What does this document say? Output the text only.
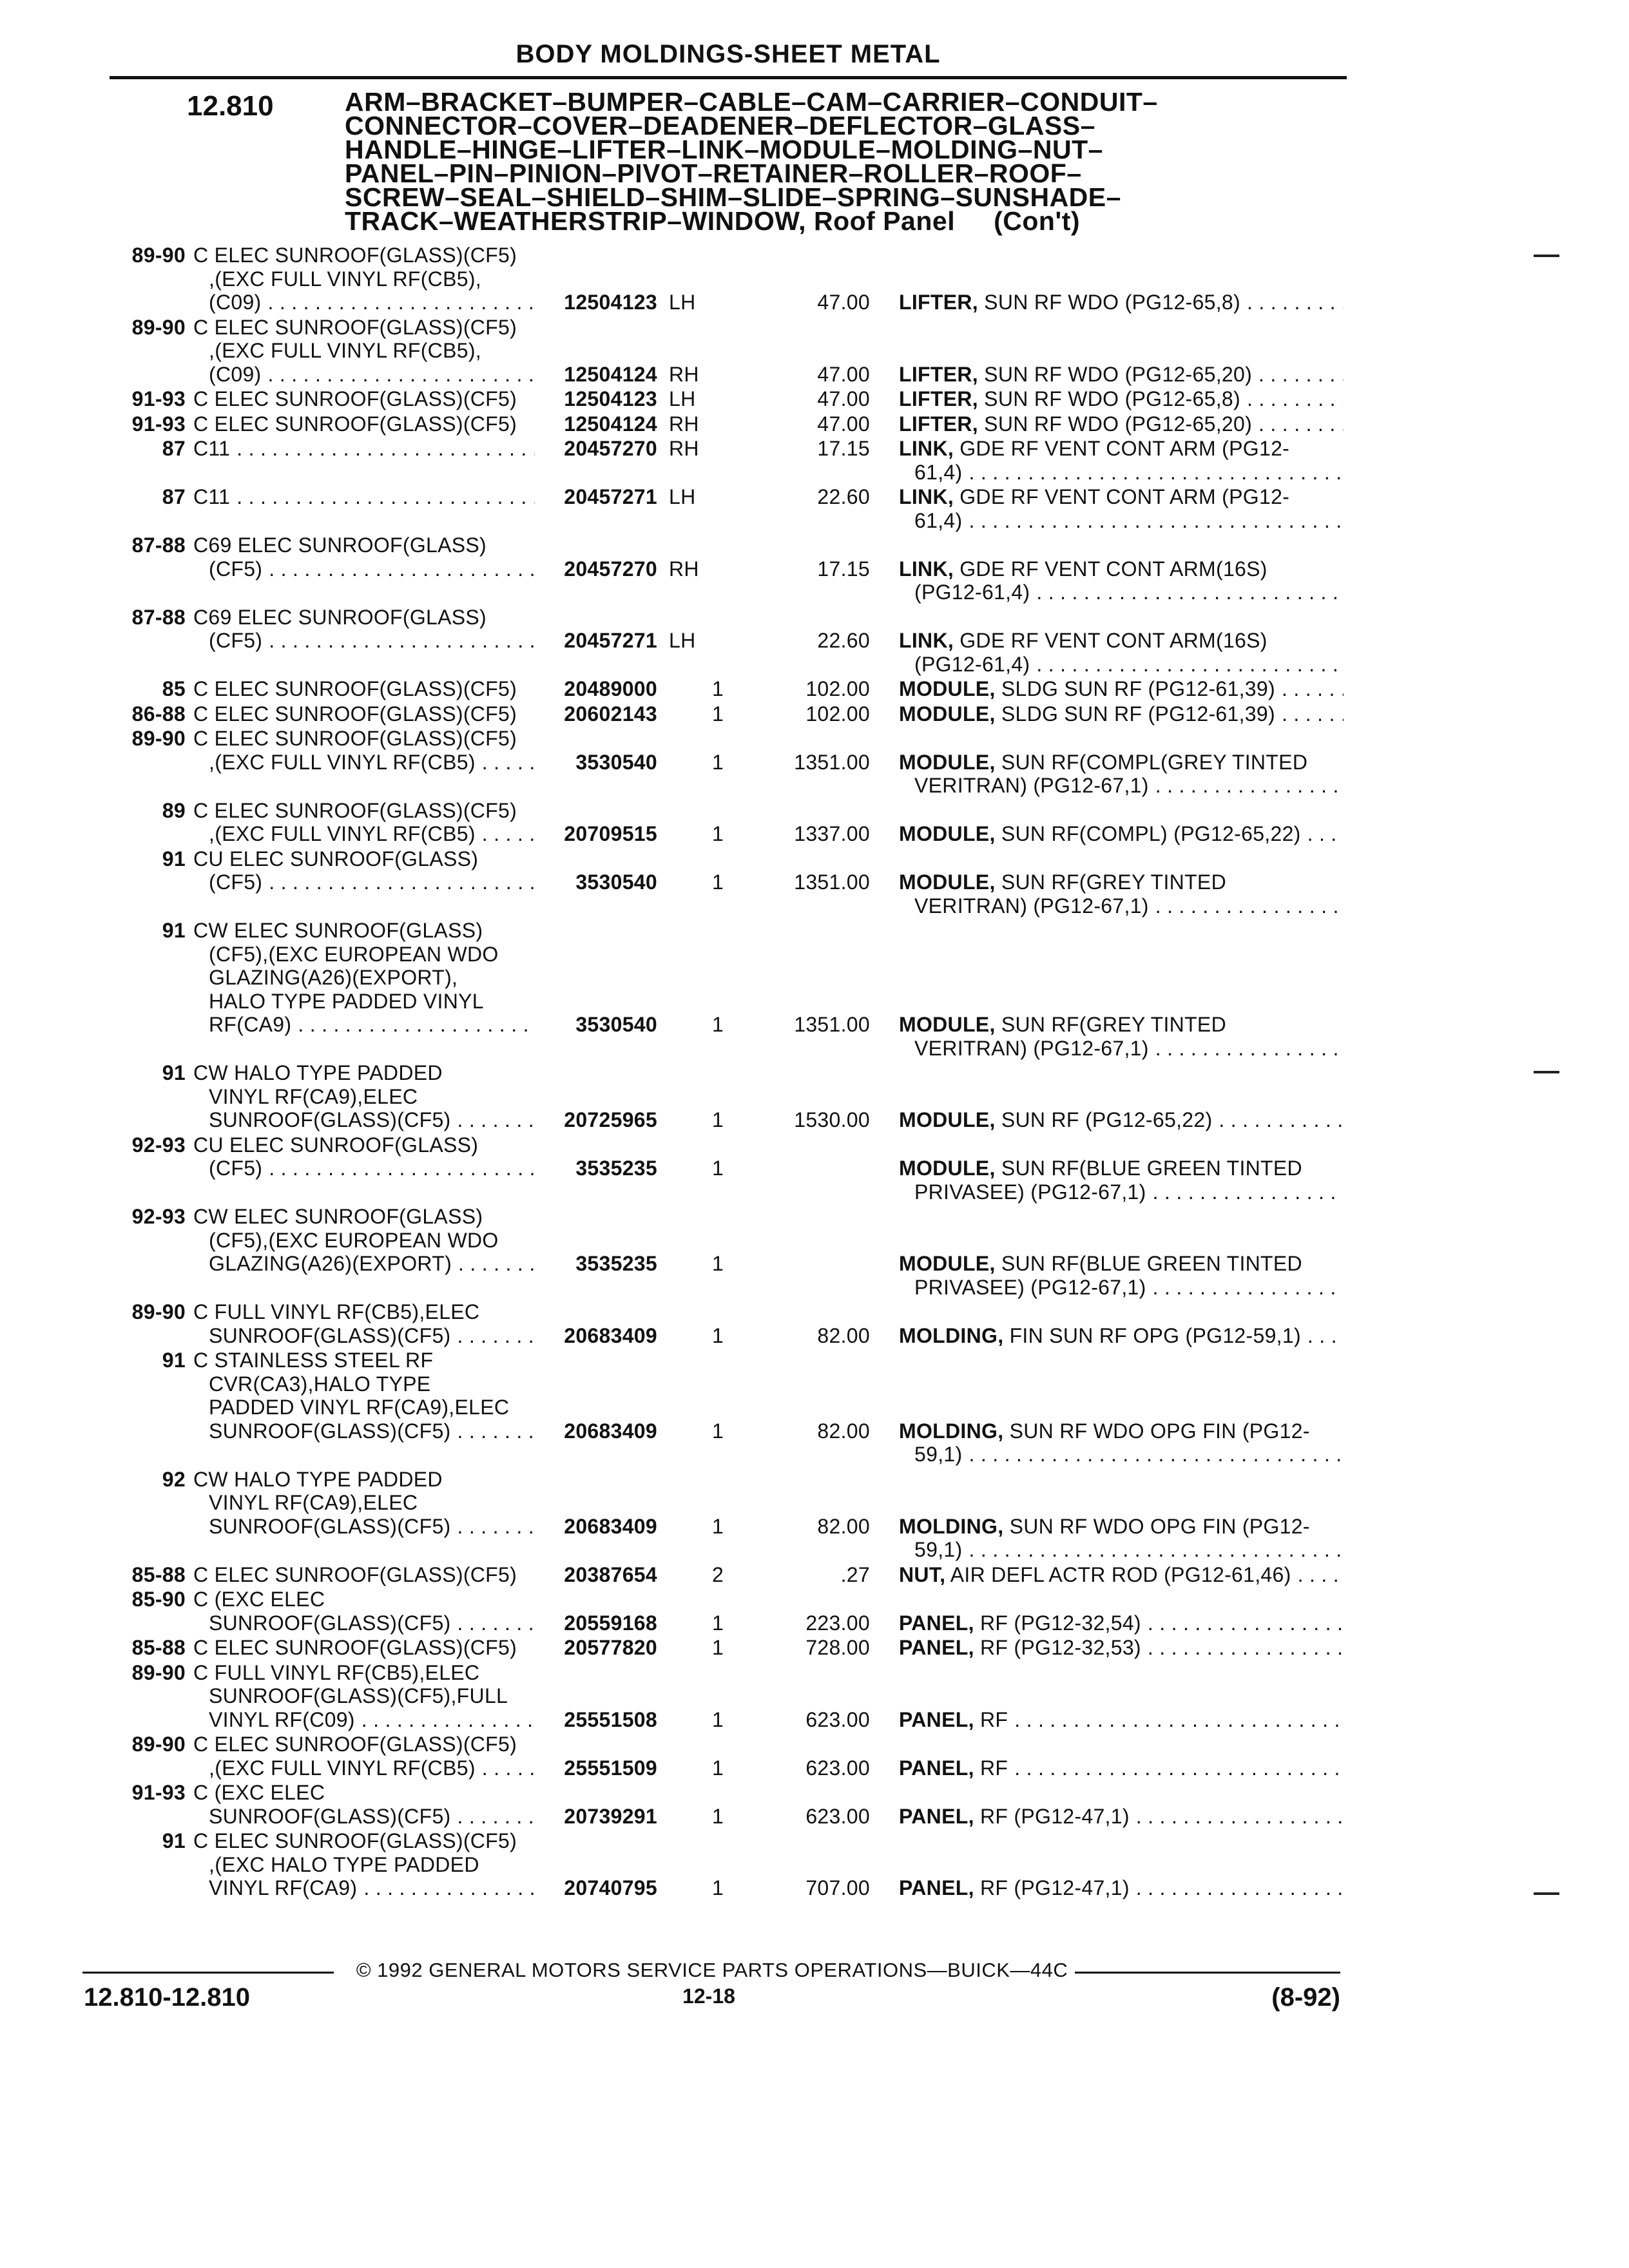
BODY MOLDINGS-SHEET METAL
12.810	ARM–BRACKET–BUMPER–CABLE–CAM–CARRIER–CONDUIT–
CONNECTOR–COVER–DEADENER–DEFLECTOR–GLASS–
HANDLE–HINGE–LIFTER–LINK–MODULE–MOLDING–NUT–
PANEL–PIN–PINION–PIVOT–RETAINER–ROLLER–ROOF–
SCREW–SEAL–SHIELD–SHIM–SLIDE–SPRING–SUNSHADE–
TRACK–WEATHERSTRIP–WINDOW, Roof Panel (Con't)
89-90 C ELEC SUNROOF(GLASS)(CF5)
,(EXC FULL VINYL RF(CB5),
(C09) . . .	12504123 LH	47.00 LIFTER, SUN RF WDO (PG12-65,8)
. . .
89-90 C ELEC SUNROOF(GLASS)(CF5)
,(EXC FULL VINYL RF(CB5),
(C09) . . .	12504124 RH	47.00 LIFTER, SUN RF WDO (PG12-65,20)
. . .
91-93 C ELEC SUNROOF(GLASS)(CF5)	12504123 LH	47.00 LIFTER, SUN RF WDO (PG12-65,8)
. . .
91-93 C ELEC SUNROOF(GLASS)(CF5)	12504124 RH	47.00 LIFTER, SUN RF WDO (PG12-65,20)
. . .
87 C11 . . .	20457270 RH	17.15 LINK, GDE RF VENT CONT ARM (PG12-
61,4)
. . .
87 C11 . . .	20457271 LH	22.60 LINK, GDE RF VENT CONT ARM (PG12-
61,4)
. . .
87-88 C69 ELEC SUNROOF(GLASS)
(CF5) . . .	20457270 RH	17.15 LINK, GDE RF VENT CONT ARM(16S)
(PG12-61,4)
. . .
87-88 C69 ELEC SUNROOF(GLASS)
(CF5) . . .	20457271 LH	22.60 LINK, GDE RF VENT CONT ARM(16S)
(PG12-61,4)
. . .
85 C ELEC SUNROOF(GLASS)(CF5)	20489000	1	102.00 MODULE, SLDG SUN RF (PG12-61,39)
. . .
86-88 C ELEC SUNROOF(GLASS)(CF5)	20602143	1	102.00 MODULE, SLDG SUN RF (PG12-61,39)
. . .
89-90 C ELEC SUNROOF(GLASS)(CF5)
,(EXC FULL VINYL RF(CB5) . . .	3530540	1	1351.00 MODULE, SUN RF(COMPL(GREY TINTED
VERITRAN) (PG12-67,1)
. . .
89 C ELEC SUNROOF(GLASS)(CF5)
,(EXC FULL VINYL RF(CB5) . . .	20709515	1	1337.00 MODULE, SUN RF(COMPL) (PG12-65,22)
. . .
91 CU ELEC SUNROOF(GLASS)
(CF5) . . .	3530540	1	1351.00 MODULE, SUN RF(GREY TINTED
VERITRAN) (PG12-67,1)
. . .
91 CW ELEC SUNROOF(GLASS)
(CF5),(EXC EUROPEAN WDO
GLAZING(A26)(EXPORT),
HALO TYPE PADDED VINYL
RF(CA9) . . .	3530540	1	1351.00 MODULE, SUN RF(GREY TINTED
VERITRAN) (PG12-67,1)
. . .
91 CW HALO TYPE PADDED
VINYL RF(CA9),ELEC
SUNROOF(GLASS)(CF5) . . .	20725965	1	1530.00 MODULE, SUN RF (PG12-65,22)
. . .
92-93 CU ELEC SUNROOF(GLASS)
(CF5) . . .	3535235	1	MODULE, SUN RF(BLUE GREEN TINTED
PRIVASEE) (PG12-67,1)
. . .
92-93 CW ELEC SUNROOF(GLASS)
(CF5),(EXC EUROPEAN WDO
GLAZING(A26)(EXPORT) . . .	3535235	1	MODULE, SUN RF(BLUE GREEN TINTED
PRIVASEE) (PG12-67,1)
. . .
89-90 C FULL VINYL RF(CB5),ELEC
SUNROOF(GLASS)(CF5) . . .	20683409	1	82.00 MOLDING, FIN SUN RF OPG (PG12-59,1)
. . .
91 C STAINLESS STEEL RF
CVR(CA3),HALO TYPE
PADDED VINYL RF(CA9),ELEC
SUNROOF(GLASS)(CF5) . . .	20683409	1	82.00 MOLDING, SUN RF WDO OPG FIN (PG12-
59,1)
. . .
92 CW HALO TYPE PADDED
VINYL RF(CA9),ELEC
SUNROOF(GLASS)(CF5) . . .	20683409	1	82.00 MOLDING, SUN RF WDO OPG FIN (PG12-
59,1)
. . .
85-88 C ELEC SUNROOF(GLASS)(CF5)	20387654	2	.27 NUT, AIR DEFL ACTR ROD (PG12-61,46)
. . .
85-90 C (EXC ELEC
SUNROOF(GLASS)(CF5) . . .	20559168	1	223.00 PANEL, RF (PG12-32,54)
. . .
85-88 C ELEC SUNROOF(GLASS)(CF5)	20577820	1	728.00 PANEL, RF (PG12-32,53)
. . .
89-90 C FULL VINYL RF(CB5),ELEC
SUNROOF(GLASS)(CF5),FULL
VINYL RF(C09) . . .	25551508	1	623.00 PANEL, RF
. . .
89-90 C ELEC SUNROOF(GLASS)(CF5)
,(EXC FULL VINYL RF(CB5) . . .	25551509	1	623.00 PANEL, RF
. . .
91-93 C (EXC ELEC
SUNROOF(GLASS)(CF5) . . .	20739291	1	623.00 PANEL, RF (PG12-47,1)
. . .
91 C ELEC SUNROOF(GLASS)(CF5)
,(EXC HALO TYPE PADDED
VINYL RF(CA9) . . .	20740795	1	707.00 PANEL, RF (PG12-47,1)
. . .
© 1992 GENERAL MOTORS SERVICE PARTS OPERATIONS—BUICK—44C
12.810-12.810	12-18	(8-92)
